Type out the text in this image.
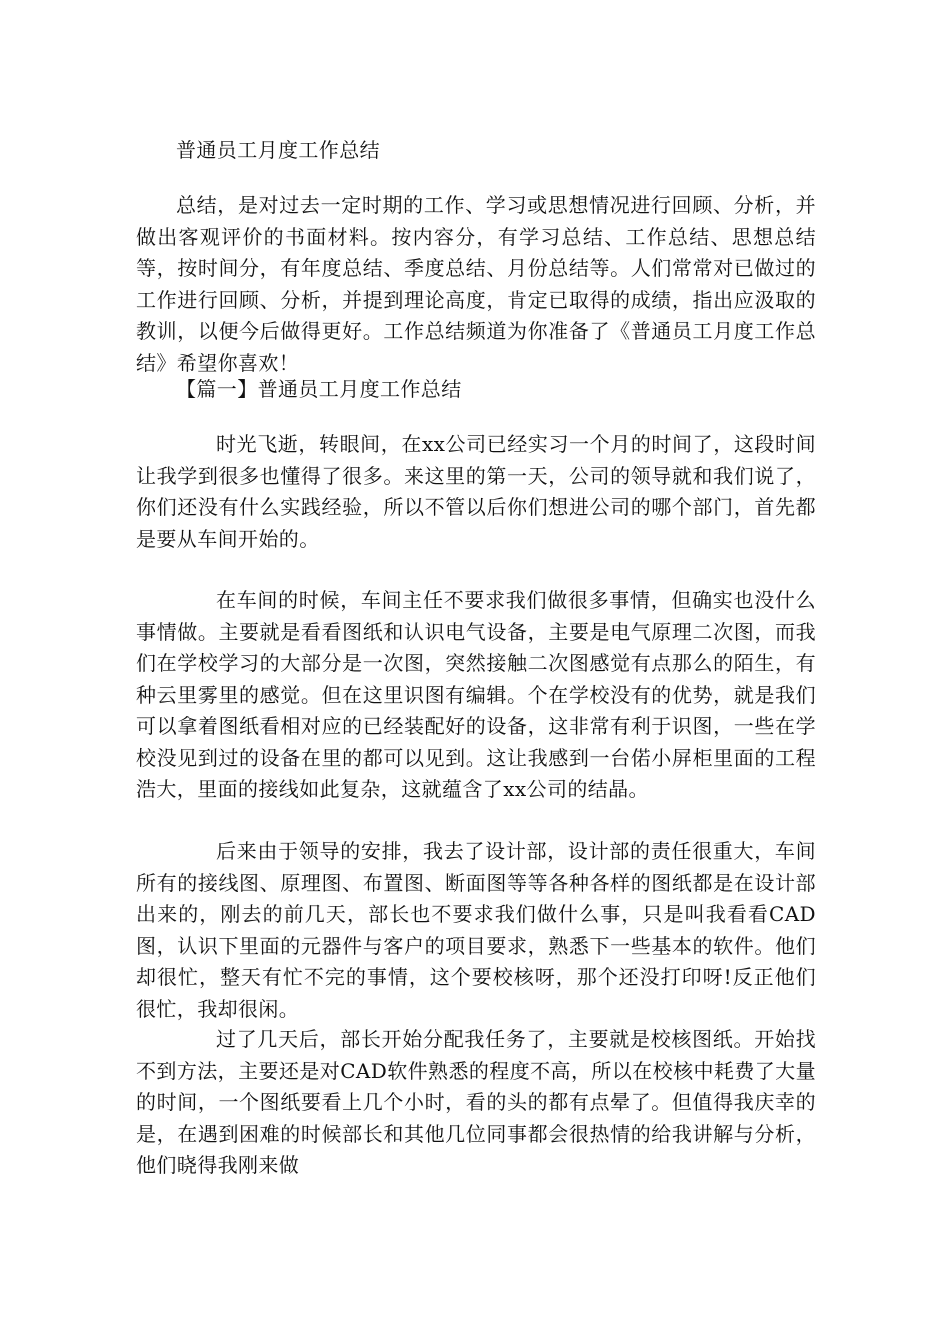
普通员工月度工作总结

总结，是对过去一定时期的工作、学习或思想情况进行回顾、分析，并做出客观评价的书面材料。按内容分，有学习总结、工作总结、思想总结等，按时间分，有年度总结、季度总结、月份总结等。人们常常对已做过的工作进行回顾、分析，并提到理论高度，肯定已取得的成绩，指出应汲取的教训，以便今后做得更好。工作总结频道为你准备了《普通员工月度工作总结》希望你喜欢！

【篇一】普通员工月度工作总结

时光飞逝，转眼间，在xx公司已经实习一个月的时间了，这段时间让我学到很多也懂得了很多。来这里的第一天，公司的领导就和我们说了，你们还没有什么实践经验，所以不管以后你们想进公司的哪个部门，首先都是要从车间开始的。

在车间的时候，车间主任不要求我们做很多事情，但确实也没什么事情做。主要就是看看图纸和认识电气设备，主要是电气原理二次图，而我们在学校学习的大部分是一次图，突然接触二次图感觉有点那么的陌生，有种云里雾里的感觉。但在这里识图有编辑。个在学校没有的优势，就是我们可以拿着图纸看相对应的已经装配好的设备，这非常有利于识图，一些在学校没见到过的设备在里的都可以见到。这让我感到一台偌小屏柜里面的工程浩大，里面的接线如此复杂，这就蕴含了xx公司的结晶。

后来由于领导的安排，我去了设计部，设计部的责任很重大，车间所有的接线图、原理图、布置图、断面图等等各种各样的图纸都是在设计部出来的，刚去的前几天，部长也不要求我们做什么事，只是叫我看看CAD图，认识下里面的元器件与客户的项目要求，熟悉下一些基本的软件。他们却很忙，整天有忙不完的事情，这个要校核呀，那个还没打印呀!反正他们很忙，我却很闲。

过了几天后，部长开始分配我任务了，主要就是校核图纸。开始找不到方法，主要还是对CAD软件熟悉的程度不高，所以在校核中耗费了大量的时间，一个图纸要看上几个小时，看的头的都有点晕了。但值得我庆幸的是，在遇到困难的时候部长和其他几位同事都会很热情的给我讲解与分析，他们晓得我刚来做
